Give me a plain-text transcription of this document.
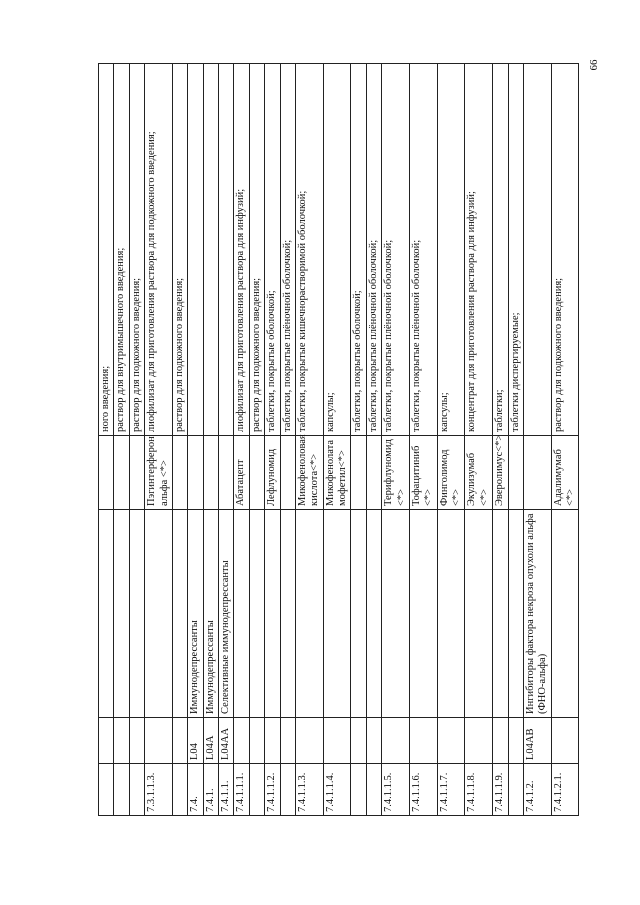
66
				ного введения;
				раствор для внутримышечного введения;
				раствор для подкожного введения;
7.3.1.1.3.			Пэгинтерферон альфа <*>	лиофилизат для приготовления раствора для подкожного введения;
				раствор для подкожного введения;
7.4.	L04	Иммунодепрессанты		
7.4.1.	L04A	Иммунодепрессанты		
7.4.1.1.	L04AA	Селективные иммунодепрессанты		
7.4.1.1.1.			Абатацепт	лиофилизат для приготовления раствора для инфузий;
				раствор для подкожного введения;
7.4.1.1.2.			Лефлуномид	таблетки, покрытые оболочкой;
				таблетки, покрытые плёночной оболочкой;
7.4.1.1.3.			Микофеноловая кислота<*>	таблетки, покрытые кишечнорастворимой оболочкой;
7.4.1.1.4.			Микофенолата мофетил<*>	капсулы;
				таблетки, покрытые оболочкой;
				таблетки, покрытые плёночной оболочкой;
7.4.1.1.5.			Терифлуномид <*>	таблетки, покрытые плёночной оболочкой;
7.4.1.1.6.			Тофацитиниб <*>	таблетки, покрытые плёночной оболочкой;
7.4.1.1.7.			Финголимод <*>	капсулы;
7.4.1.1.8.			Экулизумаб <*>	концентрат для приготовления раствора для инфузий;
7.4.1.1.9.			Эверолимус<*>	таблетки;
				таблетки диспергируемые;
7.4.1.2.	L04AB	Ингибиторы фактора некроза опухоли альфа (ФНО-альфа)		
7.4.1.2.1.			Адалимумаб <*>	раствор для подкожного введения;
